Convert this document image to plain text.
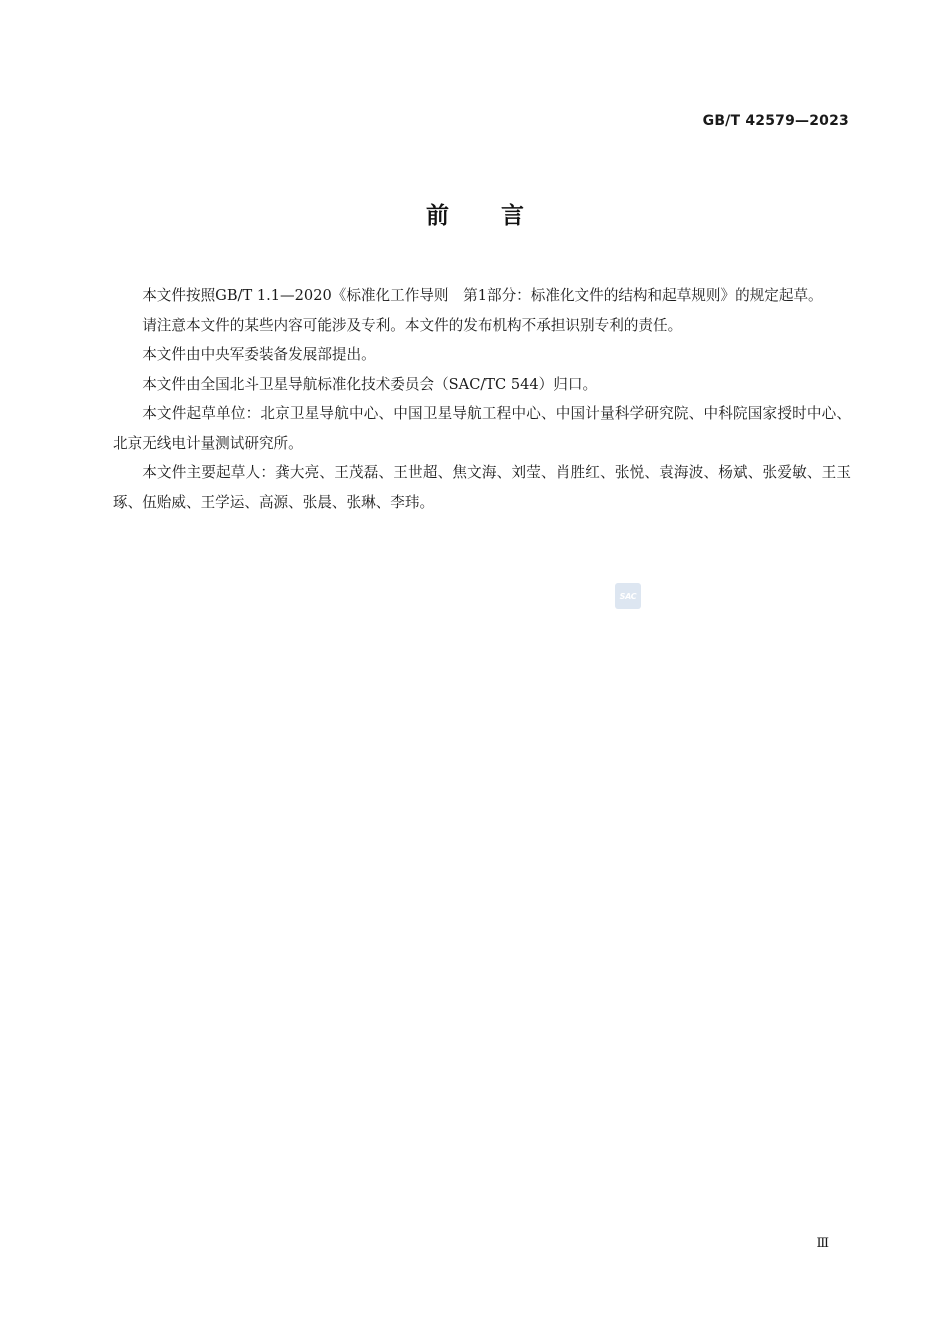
GB/T 42579—2023
前言

本文件按照GB/T 1.1—2020《标准化工作导则　第1部分：标准化文件的结构和起草规则》的规定起草。

请注意本文件的某些内容可能涉及专利。本文件的发布机构不承担识别专利的责任。

本文件由中央军委装备发展部提出。

本文件由全国北斗卫星导航标准化技术委员会（SAC/TC 544）归口。

本文件起草单位：北京卫星导航中心、中国卫星导航工程中心、中国计量科学研究院、中科院国家授时中心、北京无线电计量测试研究所。

本文件主要起草人：龚大亮、王茂磊、王世超、焦文海、刘莹、肖胜红、张悦、袁海波、杨斌、张爱敏、王玉琢、伍贻威、王学运、高源、张晨、张琳、李玮。

SAC
Ⅲ
